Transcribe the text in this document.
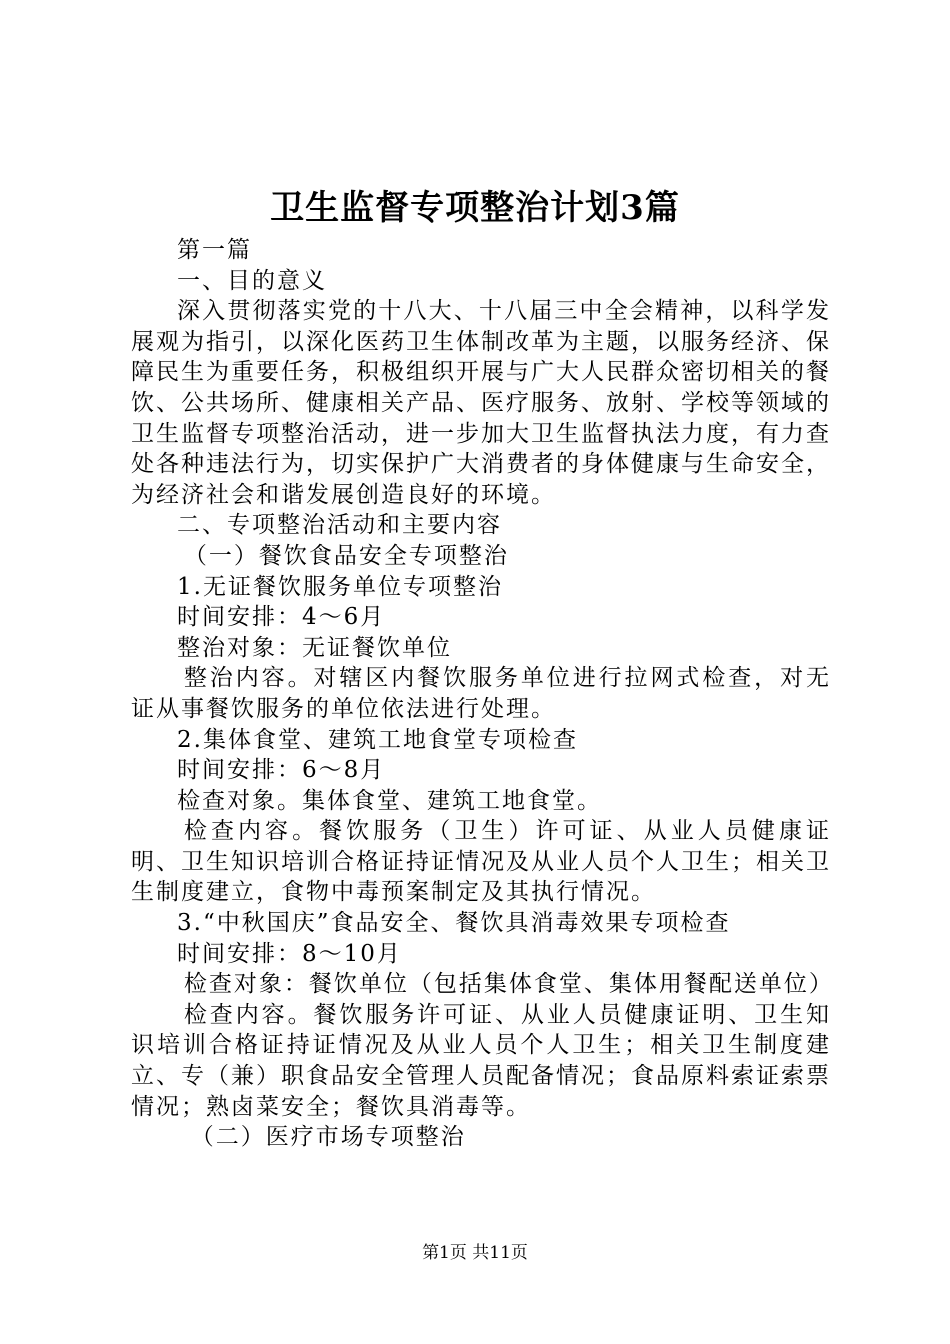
卫生监督专项整治计划3篇

第一篇

一、目的意义

深入贯彻落实党的十八大、十八届三中全会精神，以科学发展观为指引，以深化医药卫生体制改革为主题，以服务经济、保障民生为重要任务，积极组织开展与广大人民群众密切相关的餐饮、公共场所、健康相关产品、医疗服务、放射、学校等领域的卫生监督专项整治活动，进一步加大卫生监督执法力度，有力查处各种违法行为，切实保护广大消费者的身体健康与生命安全，为经济社会和谐发展创造良好的环境。

二、专项整治活动和主要内容

（一）餐饮食品安全专项整治

1.无证餐饮服务单位专项整治

时间安排：4～6月

整治对象：无证餐饮单位

整治内容。对辖区内餐饮服务单位进行拉网式检查，对无证从事餐饮服务的单位依法进行处理。

2.集体食堂、建筑工地食堂专项检查

时间安排：6～8月

检查对象。集体食堂、建筑工地食堂。

检查内容。餐饮服务（卫生）许可证、从业人员健康证明、卫生知识培训合格证持证情况及从业人员个人卫生；相关卫生制度建立，食物中毒预案制定及其执行情况。

3.“中秋国庆”食品安全、餐饮具消毒效果专项检查

时间安排：8～10月

检查对象：餐饮单位（包括集体食堂、集体用餐配送单位）

检查内容。餐饮服务许可证、从业人员健康证明、卫生知识培训合格证持证情况及从业人员个人卫生；相关卫生制度建立、专（兼）职食品安全管理人员配备情况；食品原料索证索票情况；熟卤菜安全；餐饮具消毒等。

（二）医疗市场专项整治

第1页 共11页
